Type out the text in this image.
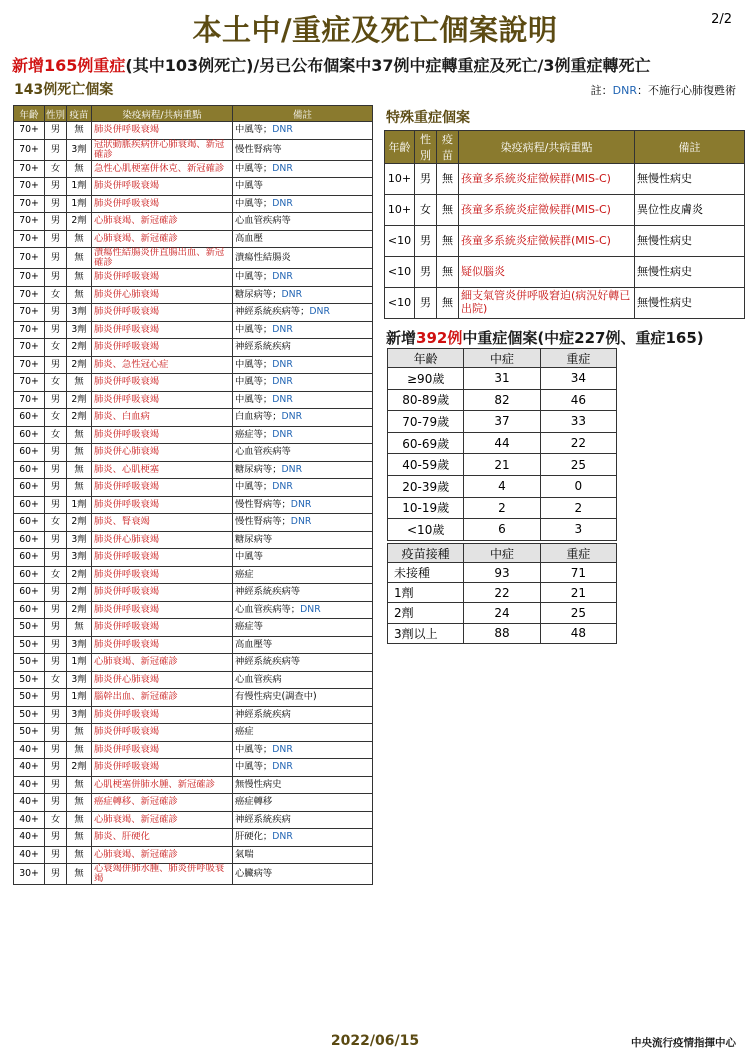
本土中/重症及死亡個案說明	2/2
新增165例重症(其中103例死亡)/另已公布個案中37例中症轉重症及死亡/3例重症轉死亡
143例死亡個案	註：DNR：不施行心肺復甦術
年齡	性別	疫苗	染疫病程/共病重點	備註
70+	男	無	肺炎併呼吸衰竭	中風等；DNR
70+	男	3劑	冠狀動脈疾病併心肺衰竭、新冠確診	慢性腎病等
70+	女	無	急性心肌梗塞併休克、新冠確診	中風等；DNR
70+	男	1劑	肺炎併呼吸衰竭	中風等
70+	男	1劑	肺炎併呼吸衰竭	中風等；DNR
70+	男	2劑	心肺衰竭、新冠確診	心血管疾病等
70+	男	無	心肺衰竭、新冠確診	高血壓
70+	男	無	潰瘍性結腸炎併直腸出血、新冠確診	潰瘍性結腸炎
70+	男	無	肺炎併呼吸衰竭	中風等；DNR
70+	女	無	肺炎併心肺衰竭	糖尿病等；DNR
70+	男	3劑	肺炎併呼吸衰竭	神經系統疾病等；DNR
70+	男	3劑	肺炎併呼吸衰竭	中風等；DNR
70+	女	2劑	肺炎併呼吸衰竭	神經系統疾病
70+	男	2劑	肺炎、急性冠心症	中風等；DNR
70+	女	無	肺炎併呼吸衰竭	中風等；DNR
70+	男	2劑	肺炎併呼吸衰竭	中風等；DNR
60+	女	2劑	肺炎、白血病	白血病等；DNR
60+	女	無	肺炎併呼吸衰竭	癌症等；DNR
60+	男	無	肺炎併心肺衰竭	心血管疾病等
60+	男	無	肺炎、心肌梗塞	糖尿病等；DNR
60+	男	無	肺炎併呼吸衰竭	中風等；DNR
60+	男	1劑	肺炎併呼吸衰竭	慢性腎病等；DNR
60+	女	2劑	肺炎、腎衰竭	慢性腎病等；DNR
60+	男	3劑	肺炎併心肺衰竭	糖尿病等
60+	男	3劑	肺炎併呼吸衰竭	中風等
60+	女	2劑	肺炎併呼吸衰竭	癌症
60+	男	2劑	肺炎併呼吸衰竭	神經系統疾病等
60+	男	2劑	肺炎併呼吸衰竭	心血管疾病等；DNR
50+	男	無	肺炎併呼吸衰竭	癌症等
50+	男	3劑	肺炎併呼吸衰竭	高血壓等
50+	男	1劑	心肺衰竭、新冠確診	神經系統疾病等
50+	女	3劑	肺炎併心肺衰竭	心血管疾病
50+	男	1劑	腦幹出血、新冠確診	有慢性病史(調查中)
50+	男	3劑	肺炎併呼吸衰竭	神經系統疾病
50+	男	無	肺炎併呼吸衰竭	癌症
40+	男	無	肺炎併呼吸衰竭	中風等；DNR
40+	男	2劑	肺炎併呼吸衰竭	中風等；DNR
40+	男	無	心肌梗塞併肺水腫、新冠確診	無慢性病史
40+	男	無	癌症轉移、新冠確診	癌症轉移
40+	女	無	心肺衰竭、新冠確診	神經系統疾病
40+	男	無	肺炎、肝硬化	肝硬化；DNR
40+	男	無	心肺衰竭、新冠確診	氣喘
30+	男	無	心衰竭併肺水腫、肺炎併呼吸衰竭	心臟病等
特殊重症個案
年齡	性別	疫苗	染疫病程/共病重點	備註
10+	男	無	孩童多系統炎症徵候群(MIS-C)	無慢性病史
10+	女	無	孩童多系統炎症徵候群(MIS-C)	異位性皮膚炎
<10	男	無	孩童多系統炎症徵候群(MIS-C)	無慢性病史
<10	男	無	疑似腦炎	無慢性病史
<10	男	無	細支氣管炎併呼吸窘迫(病況好轉已出院)	無慢性病史
新增392例中重症個案(中症227例、重症165)
年齡	中症	重症
≥90歲	31	34
80-89歲	82	46
70-79歲	37	33
60-69歲	44	22
40-59歲	21	25
20-39歲	4	0
10-19歲	2	2
<10歲	6	3
疫苗接種	中症	重症
未接種	93	71
1劑	22	21
2劑	24	25
3劑以上	88	48
2022/06/15	中央流行疫情指揮中心
